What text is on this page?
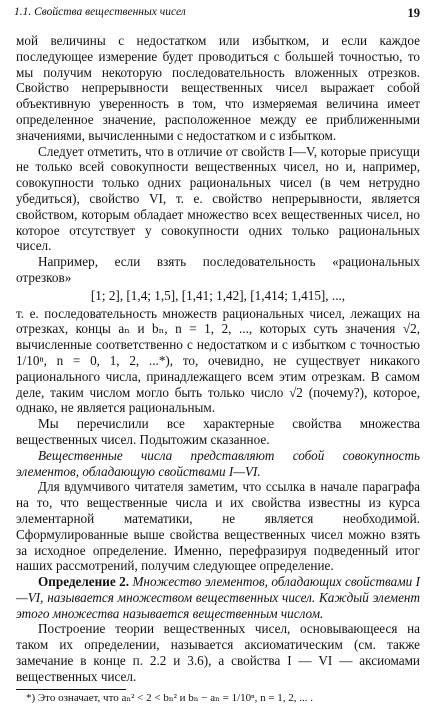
1.1. Свойства вещественных чисел	19

мой величины с недостатком или избытком, и если каждое последующее измерение будет проводиться с большей точностью, то мы получим некоторую последовательность вложенных отрезков. Свойство непрерывности вещественных чисел выражает собой объективную уверенность в том, что измеряемая величина имеет определенное значение, расположенное между ее приближенными значениями, вычисленными с недостатком и с избытком.

Следует отметить, что в отличие от свойств I—V, которые присущи не только всей совокупности вещественных чисел, но и, например, совокупности только одних рациональных чисел (в чем нетрудно убедиться), свойство VI, т. е. свойство непрерывности, является свойством, которым обладает множество всех вещественных чисел, но которое отсутствует у совокупности одних только рациональных чисел.

Например, если взять последовательность «рациональных отрезков»

[1; 2], [1,4; 1,5], [1,41; 1,42], [1,414; 1,415], ...,

т. е. последовательность множеств рациональных чисел, лежащих на отрезках, концы aₙ и bₙ, n = 1, 2, ..., которых суть значения √2, вычисленные соответственно с недостатком и с избытком с точностью 1/10ⁿ, n = 0, 1, 2, ...*), то, очевидно, не существует никакого рационального числа, принадлежащего всем этим отрезкам. В самом деле, таким числом могло быть только число √2 (почему?), которое, однако, не является рациональным.

Мы перечислили все характерные свойства множества вещественных чисел. Подытожим сказанное.

Вещественные числа представляют собой совокупность элементов, обладающую свойствами I—VI.

Для вдумчивого читателя заметим, что ссылка в начале параграфа на то, что вещественные числа и их свойства известны из курса элементарной математики, не является необходимой. Сформулированные выше свойства вещественных чисел можно взять за исходное определение. Именно, перефразируя подведенный итог наших рассмотрений, получим следующее определение.

Определение 2. Множество элементов, обладающих свойствами I—VI, называется множеством вещественных чисел. Каждый элемент этого множества называется вещественным числом.

Построение теории вещественных чисел, основывающееся на таком их определении, называется аксиоматическим (см. также замечание в конце п. 2.2 и 3.6), а свойства I — VI — аксиомами вещественных чисел.

*) Это означает, что aₙ² < 2 < bₙ² и bₙ − aₙ = 1/10ⁿ, n = 1, 2, ... .
